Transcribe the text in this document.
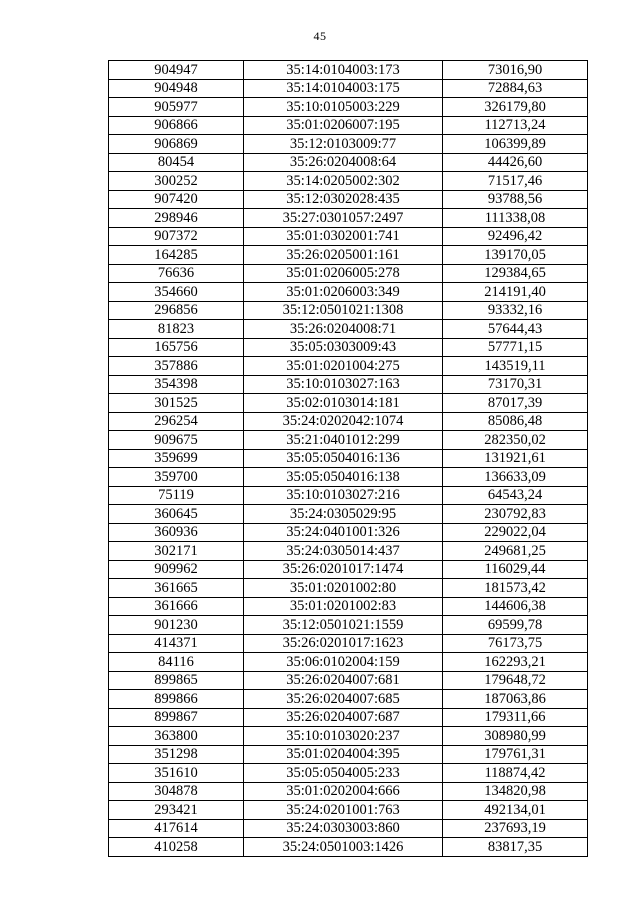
45
904947	35:14:0104003:173	73016,90
904948	35:14:0104003:175	72884,63
905977	35:10:0105003:229	326179,80
906866	35:01:0206007:195	112713,24
906869	35:12:0103009:77	106399,89
80454	35:26:0204008:64	44426,60
300252	35:14:0205002:302	71517,46
907420	35:12:0302028:435	93788,56
298946	35:27:0301057:2497	111338,08
907372	35:01:0302001:741	92496,42
164285	35:26:0205001:161	139170,05
76636	35:01:0206005:278	129384,65
354660	35:01:0206003:349	214191,40
296856	35:12:0501021:1308	93332,16
81823	35:26:0204008:71	57644,43
165756	35:05:0303009:43	57771,15
357886	35:01:0201004:275	143519,11
354398	35:10:0103027:163	73170,31
301525	35:02:0103014:181	87017,39
296254	35:24:0202042:1074	85086,48
909675	35:21:0401012:299	282350,02
359699	35:05:0504016:136	131921,61
359700	35:05:0504016:138	136633,09
75119	35:10:0103027:216	64543,24
360645	35:24:0305029:95	230792,83
360936	35:24:0401001:326	229022,04
302171	35:24:0305014:437	249681,25
909962	35:26:0201017:1474	116029,44
361665	35:01:0201002:80	181573,42
361666	35:01:0201002:83	144606,38
901230	35:12:0501021:1559	69599,78
414371	35:26:0201017:1623	76173,75
84116	35:06:0102004:159	162293,21
899865	35:26:0204007:681	179648,72
899866	35:26:0204007:685	187063,86
899867	35:26:0204007:687	179311,66
363800	35:10:0103020:237	308980,99
351298	35:01:0204004:395	179761,31
351610	35:05:0504005:233	118874,42
304878	35:01:0202004:666	134820,98
293421	35:24:0201001:763	492134,01
417614	35:24:0303003:860	237693,19
410258	35:24:0501003:1426	83817,35
